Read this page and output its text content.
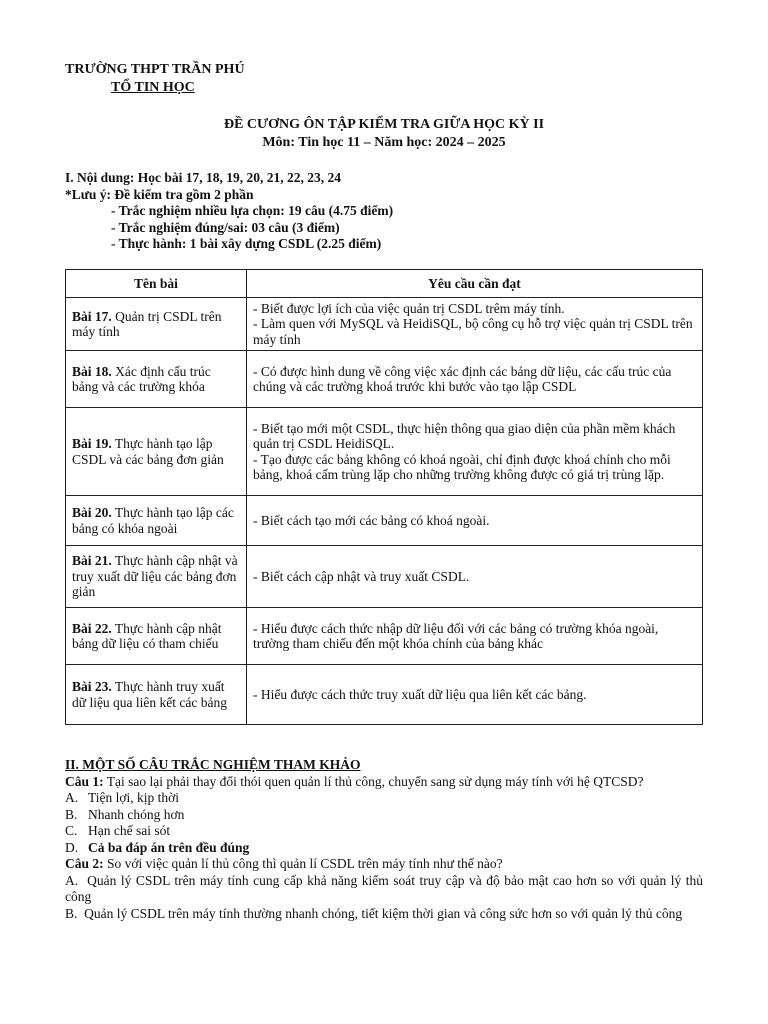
TRƯỜNG THPT TRẦN PHÚ
TỔ TIN HỌC
ĐỀ CƯƠNG ÔN TẬP KIỂM TRA GIỮA HỌC KỲ II
Môn: Tin học 11 – Năm học: 2024 – 2025
I. Nội dung: Học bài 17, 18, 19, 20, 21, 22, 23, 24
*Lưu ý: Đề kiểm tra gồm 2 phần
- Trắc nghiệm nhiều lựa chọn: 19 câu (4.75 điểm)
- Trắc nghiệm đúng/sai: 03 câu (3 điểm)
- Thực hành: 1 bài xây dựng CSDL (2.25 điểm)
Tên bài	Yêu cầu cần đạt
Bài 17. Quản trị CSDL trên máy tính	- Biết được lợi ích của việc quản trị CSDL trêm máy tính.
- Làm quen với MySQL và HeidiSQL, bộ công cụ hỗ trợ việc quản trị CSDL trên máy tính
Bài 18. Xác định cấu trúc bảng và các trường khóa	- Có được hình dung về công việc xác định các bảng dữ liệu, các cấu trúc của chúng và các trường khoá trước khi bước vào tạo lập CSDL
Bài 19. Thực hành tạo lập CSDL và các bảng đơn giản	- Biết tạo mới một CSDL, thực hiện thông qua giao diện của phần mềm khách quản trị CSDL HeidiSQL.
- Tạo được các bảng không có khoá ngoài, chỉ định được khoá chính cho mỗi bảng, khoá cấm trùng lặp cho những trường không được có giá trị trùng lặp.
Bài 20. Thực hành tạo lập các bảng có khóa ngoài	- Biết cách tạo mới các bảng có khoá ngoài.
Bài 21. Thực hành cập nhật và truy xuất dữ liệu các bảng đơn giản	- Biết cách cập nhật và truy xuất CSDL.
Bài 22. Thực hành cập nhật bảng dữ liệu có tham chiếu	- Hiểu được cách thức nhập dữ liệu đối với các bảng có trường khóa ngoài, trường tham chiếu đến một khóa chính của bảng khác
Bài 23. Thực hành truy xuất dữ liệu qua liên kết các bảng	- Hiểu được cách thức truy xuất dữ liệu qua liên kết các bảng.
II. MỘT SỐ CÂU TRẮC NGHIỆM THAM KHẢO
Câu 1: Tại sao lại phải thay đổi thói quen quản lí thủ công, chuyển sang sử dụng máy tính với hệ QTCSD?
A. Tiện lợi, kịp thời
B. Nhanh chóng hơn
C. Hạn chế sai sót
D. Cả ba đáp án trên đều đúng
Câu 2: So với việc quản lí thủ công thì quản lí CSDL trên máy tính như thế nào?
A. Quản lý CSDL trên máy tính cung cấp khả năng kiểm soát truy cập và độ bảo mật cao hơn so với quản lý thủ công
B. Quản lý CSDL trên máy tính thường nhanh chóng, tiết kiệm thời gian và công sức hơn so với quản lý thủ công
